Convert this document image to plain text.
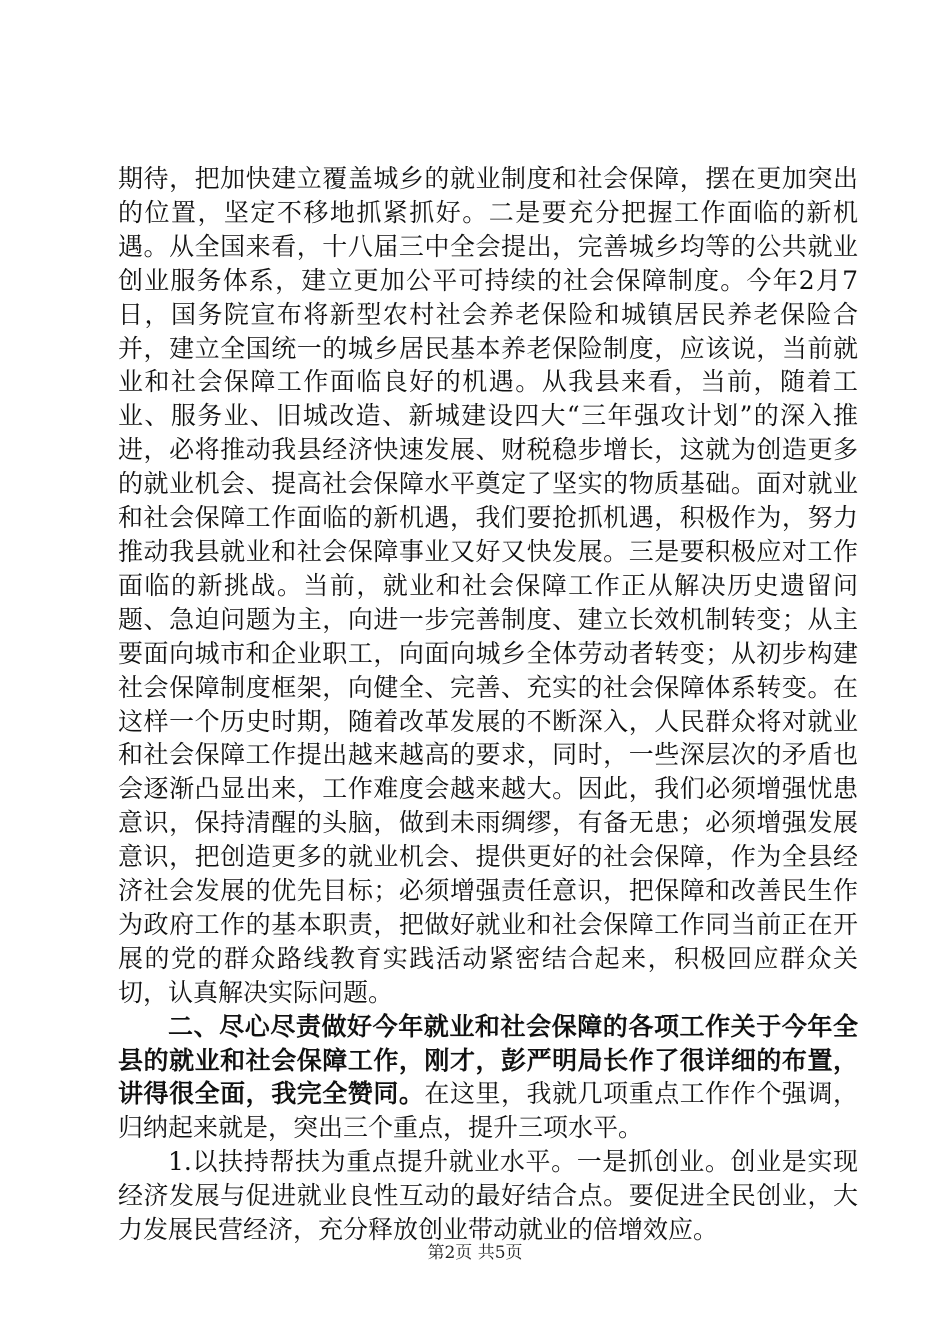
期待，把加快建立覆盖城乡的就业制度和社会保障，摆在更加突出的位置，坚定不移地抓紧抓好。二是要充分把握工作面临的新机遇。从全国来看，十八届三中全会提出，完善城乡均等的公共就业创业服务体系，建立更加公平可持续的社会保障制度。今年2月7日，国务院宣布将新型农村社会养老保险和城镇居民养老保险合并，建立全国统一的城乡居民基本养老保险制度，应该说，当前就业和社会保障工作面临良好的机遇。从我县来看，当前，随着工业、服务业、旧城改造、新城建设四大“三年强攻计划”的深入推进，必将推动我县经济快速发展、财税稳步增长，这就为创造更多的就业机会、提高社会保障水平奠定了坚实的物质基础。面对就业和社会保障工作面临的新机遇，我们要抢抓机遇，积极作为，努力推动我县就业和社会保障事业又好又快发展。三是要积极应对工作面临的新挑战。当前，就业和社会保障工作正从解决历史遗留问题、急迫问题为主，向进一步完善制度、建立长效机制转变；从主要面向城市和企业职工，向面向城乡全体劳动者转变；从初步构建社会保障制度框架，向健全、完善、充实的社会保障体系转变。在这样一个历史时期，随着改革发展的不断深入，人民群众将对就业和社会保障工作提出越来越高的要求，同时，一些深层次的矛盾也会逐渐凸显出来，工作难度会越来越大。因此，我们必须增强忧患意识，保持清醒的头脑，做到未雨绸缪，有备无患；必须增强发展意识，把创造更多的就业机会、提供更好的社会保障，作为全县经济社会发展的优先目标；必须增强责任意识，把保障和改善民生作为政府工作的基本职责，把做好就业和社会保障工作同当前正在开展的党的群众路线教育实践活动紧密结合起来，积极回应群众关切，认真解决实际问题。

二、尽心尽责做好今年就业和社会保障的各项工作关于今年全县的就业和社会保障工作，刚才，彭严明局长作了很详细的布置，讲得很全面，我完全赞同。在这里，我就几项重点工作作个强调，归纳起来就是，突出三个重点，提升三项水平。

1.以扶持帮扶为重点提升就业水平。一是抓创业。创业是实现经济发展与促进就业良性互动的最好结合点。要促进全民创业，大力发展民营经济，充分释放创业带动就业的倍增效应。

第2页 共5页
